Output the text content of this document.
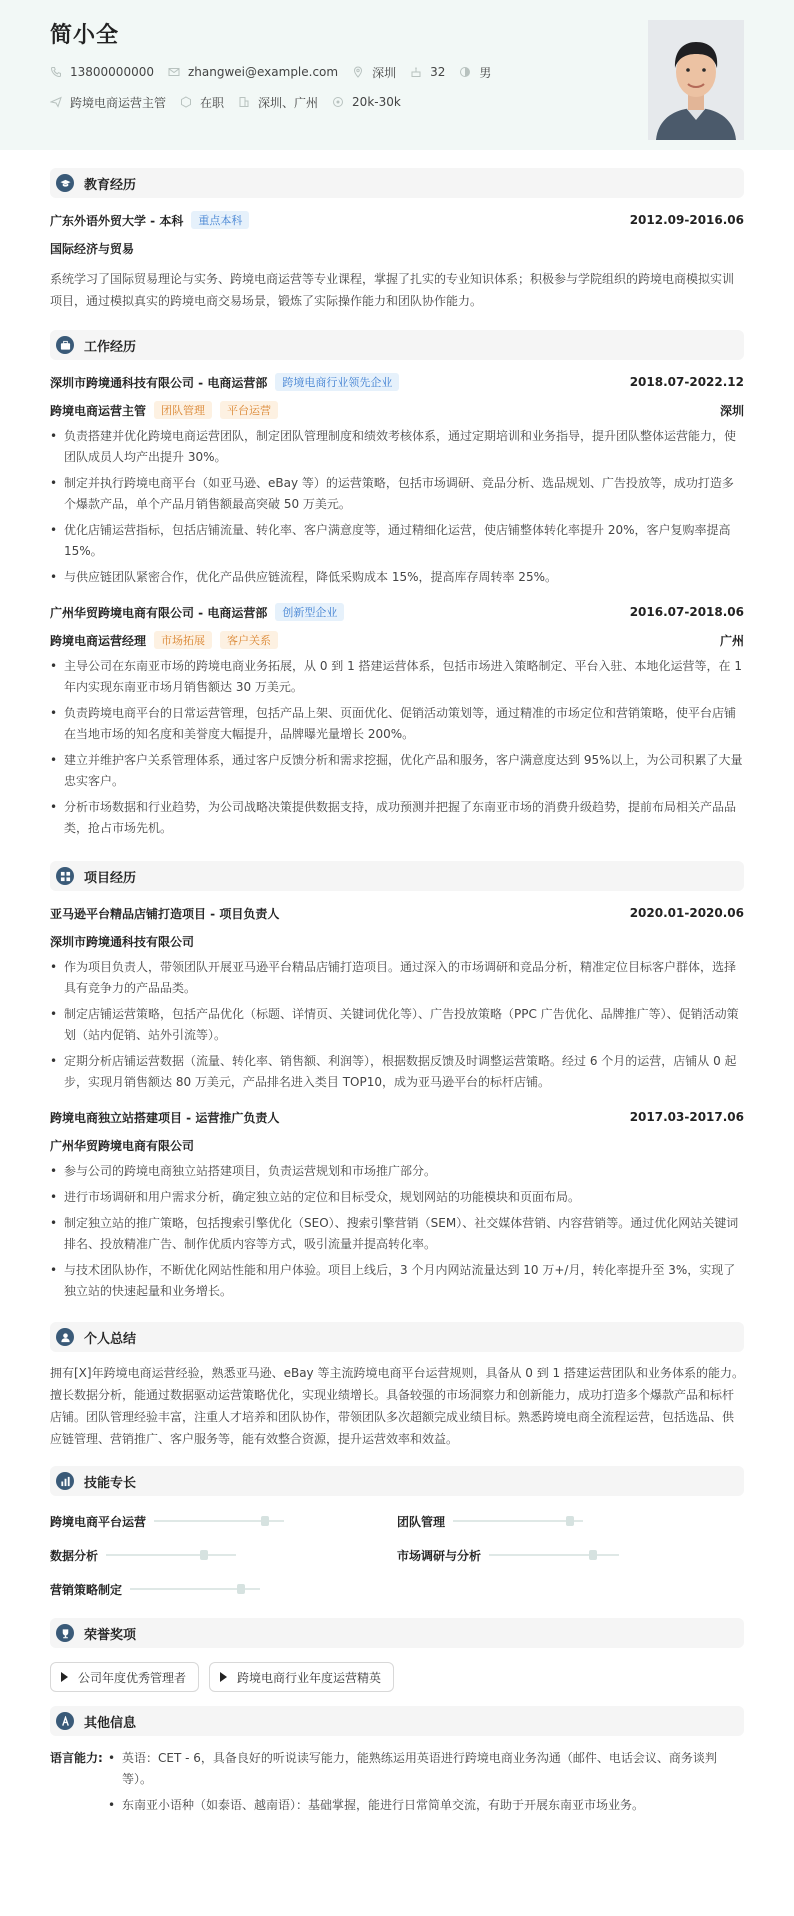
简小全
13800000000	zhangwei@example.com	深圳	32	男
跨境电商运营主管	在职	深圳、广州	20k-30k
教育经历
广东外语外贸大学 - 本科	重点本科	2012.09-2016.06
国际经济与贸易
系统学习了国际贸易理论与实务、跨境电商运营等专业课程，掌握了扎实的专业知识体系；积极参与学院组织的跨境电商模拟实训项目，通过模拟真实的跨境电商交易场景，锻炼了实际操作能力和团队协作能力。
工作经历
深圳市跨境通科技有限公司 - 电商运营部	跨境电商行业领先企业	2018.07-2022.12
跨境电商运营主管	团队管理	平台运营	深圳
• 负责搭建并优化跨境电商运营团队，制定团队管理制度和绩效考核体系，通过定期培训和业务指导，提升团队整体运营能力，使团队成员人均产出提升 30%。
• 制定并执行跨境电商平台（如亚马逊、eBay 等）的运营策略，包括市场调研、竞品分析、选品规划、广告投放等，成功打造多个爆款产品，单个产品月销售额最高突破 50 万美元。
• 优化店铺运营指标，包括店铺流量、转化率、客户满意度等，通过精细化运营，使店铺整体转化率提升 20%，客户复购率提高 15%。
• 与供应链团队紧密合作，优化产品供应链流程，降低采购成本 15%，提高库存周转率 25%。
广州华贸跨境电商有限公司 - 电商运营部	创新型企业	2016.07-2018.06
跨境电商运营经理	市场拓展	客户关系	广州
• 主导公司在东南亚市场的跨境电商业务拓展，从 0 到 1 搭建运营体系，包括市场进入策略制定、平台入驻、本地化运营等，在 1 年内实现东南亚市场月销售额达 30 万美元。
• 负责跨境电商平台的日常运营管理，包括产品上架、页面优化、促销活动策划等，通过精准的市场定位和营销策略，使平台店铺在当地市场的知名度和美誉度大幅提升，品牌曝光量增长 200%。
• 建立并维护客户关系管理体系，通过客户反馈分析和需求挖掘，优化产品和服务，客户满意度达到 95%以上，为公司积累了大量忠实客户。
• 分析市场数据和行业趋势，为公司战略决策提供数据支持，成功预测并把握了东南亚市场的消费升级趋势，提前布局相关产品品类，抢占市场先机。
项目经历
亚马逊平台精品店铺打造项目 - 项目负责人	2020.01-2020.06
深圳市跨境通科技有限公司
• 作为项目负责人，带领团队开展亚马逊平台精品店铺打造项目。通过深入的市场调研和竞品分析，精准定位目标客户群体，选择具有竞争力的产品品类。
• 制定店铺运营策略，包括产品优化（标题、详情页、关键词优化等）、广告投放策略（PPC 广告优化、品牌推广等）、促销活动策划（站内促销、站外引流等）。
• 定期分析店铺运营数据（流量、转化率、销售额、利润等），根据数据反馈及时调整运营策略。经过 6 个月的运营，店铺从 0 起步，实现月销售额达 80 万美元，产品排名进入类目 TOP10，成为亚马逊平台的标杆店铺。
跨境电商独立站搭建项目 - 运营推广负责人	2017.03-2017.06
广州华贸跨境电商有限公司
• 参与公司的跨境电商独立站搭建项目，负责运营规划和市场推广部分。
• 进行市场调研和用户需求分析，确定独立站的定位和目标受众，规划网站的功能模块和页面布局。
• 制定独立站的推广策略，包括搜索引擎优化（SEO）、搜索引擎营销（SEM）、社交媒体营销、内容营销等。通过优化网站关键词排名、投放精准广告、制作优质内容等方式，吸引流量并提高转化率。
• 与技术团队协作，不断优化网站性能和用户体验。项目上线后，3 个月内网站流量达到 10 万+/月，转化率提升至 3%，实现了独立站的快速起量和业务增长。
个人总结
拥有[X]年跨境电商运营经验，熟悉亚马逊、eBay 等主流跨境电商平台运营规则，具备从 0 到 1 搭建运营团队和业务体系的能力。擅长数据分析，能通过数据驱动运营策略优化，实现业绩增长。具备较强的市场洞察力和创新能力，成功打造多个爆款产品和标杆店铺。团队管理经验丰富，注重人才培养和团队协作，带领团队多次超额完成业绩目标。熟悉跨境电商全流程运营，包括选品、供应链管理、营销推广、客户服务等，能有效整合资源，提升运营效率和效益。
技能专长
跨境电商平台运营	团队管理
数据分析	市场调研与分析
营销策略制定
荣誉奖项
公司年度优秀管理者	跨境电商行业年度运营精英
其他信息
语言能力:
•	英语：CET - 6，具备良好的听说读写能力，能熟练运用英语进行跨境电商业务沟通（邮件、电话会议、商务谈判等）。
• 东南亚小语种（如泰语、越南语）：基础掌握，能进行日常简单交流，有助于开展东南亚市场业务。
